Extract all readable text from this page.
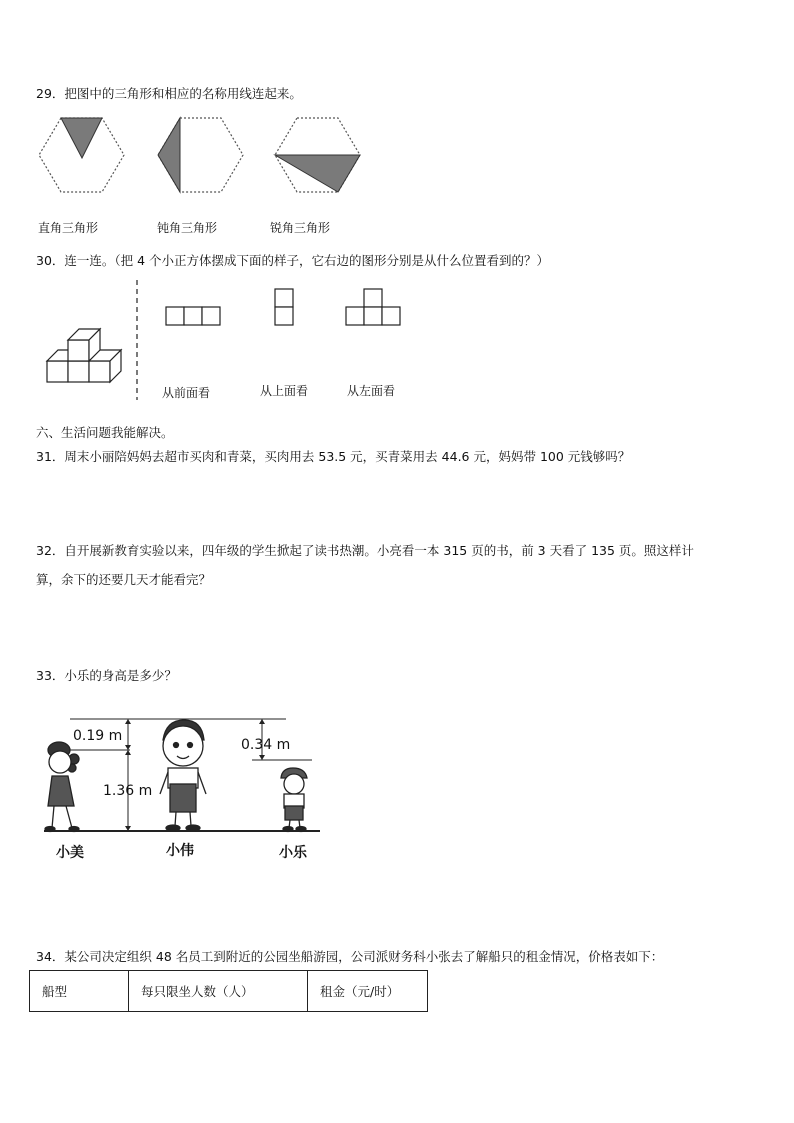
29．把图中的三角形和相应的名称用线连起来。
直角三角形	钝角三角形	锐角三角形
30．连一连。（把 4 个小正方体摆成下面的样子，它右边的图形分别是从什么位置看到的？）
从前面看	从上面看	从左面看
六、生活问题我能解决。
31．周末小丽陪妈妈去超市买肉和青菜，买肉用去 53.5 元，买青菜用去 44.6 元，妈妈带 100 元钱够吗？
32．自开展新教育实验以来，四年级的学生掀起了读书热潮。小亮看一本 315 页的书，前 3 天看了 135 页。照这样计
算，余下的还要几天才能看完？
33．小乐的身高是多少？
0.19 m
1.36 m
0.34 m
小美	小伟	小乐
34．某公司决定组织 48 名员工到附近的公园坐船游园，公司派财务科小张去了解船只的租金情况，价格表如下：
船型	每只限坐人数（人）	租金（元/时）
